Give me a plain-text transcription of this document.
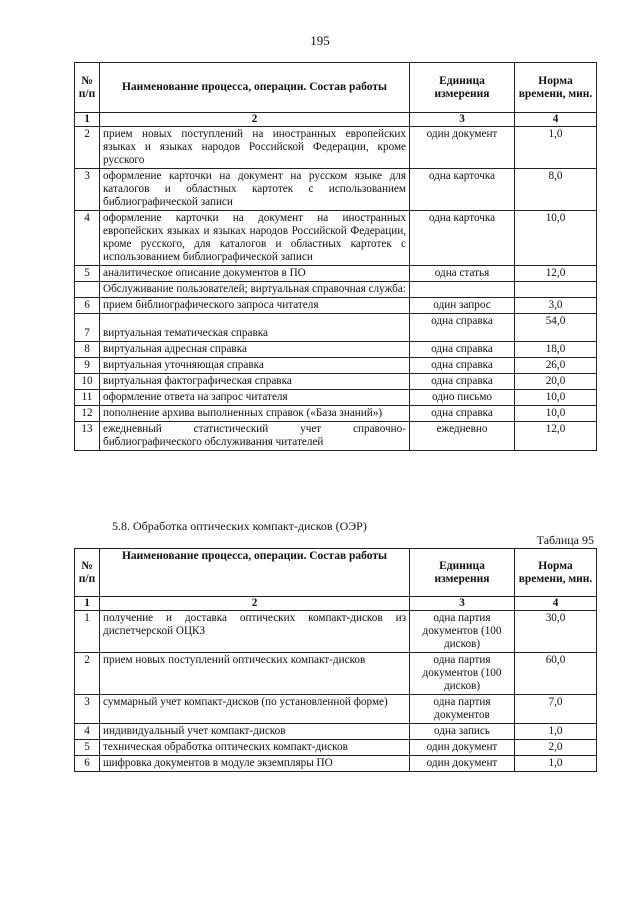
195
№ п/п	Наименование процесса, операции. Состав работы	Единица измерения	Норма времени, мин.
1	2	3	4
2	прием новых поступлений на иностранных европейских языках и языках народов Российской Федерации, кроме русского	один документ	1,0
3	оформление карточки на документ на русском языке для каталогов и областных картотек с использованием библиографической записи	одна карточка	8,0
4	оформление карточки на документ на иностранных европейских языках и языках народов Российской Федерации, кроме русского, для каталогов и областных картотек с использованием библиографической записи	одна карточка	10,0
5	аналитическое описание документов в ПО	одна статья	12,0
	Обслуживание пользователей; виртуальная справочная служба:		
6	прием библиографического запроса читателя	один запрос	3,0
7	виртуальная тематическая справка	одна справка	54,0
8	виртуальная адресная справка	одна справка	18,0
9	виртуальная уточняющая справка	одна справка	26,0
10	виртуальная фактографическая справка	одна справка	20,0
11	оформление ответа на запрос читателя	одно письмо	10,0
12	пополнение архива выполненных справок («База знаний»)	одна справка	10,0
13	ежедневный статистический учет справочно-библиографического обслуживания читателей	ежедневно	12,0
5.8. Обработка оптических компакт-дисков (ОЭР)
Таблица 95
№ п/п	Наименование процесса, операции. Состав работы	Единица измерения	Норма времени, мин.
1	2	3	4
1	получение и доставка оптических компакт-дисков из диспетчерской ОЦКЗ	одна партия документов (100 дисков)	30,0
2	прием новых поступлений оптических компакт-дисков	одна партия документов (100 дисков)	60,0
3	суммарный учет компакт-дисков (по установленной форме)	одна партия документов	7,0
4	индивидуальный учет компакт-дисков	одна запись	1,0
5	техническая обработка оптических компакт-дисков	один документ	2,0
6	шифровка документов в модуле экземпляры ПО	один документ	1,0
